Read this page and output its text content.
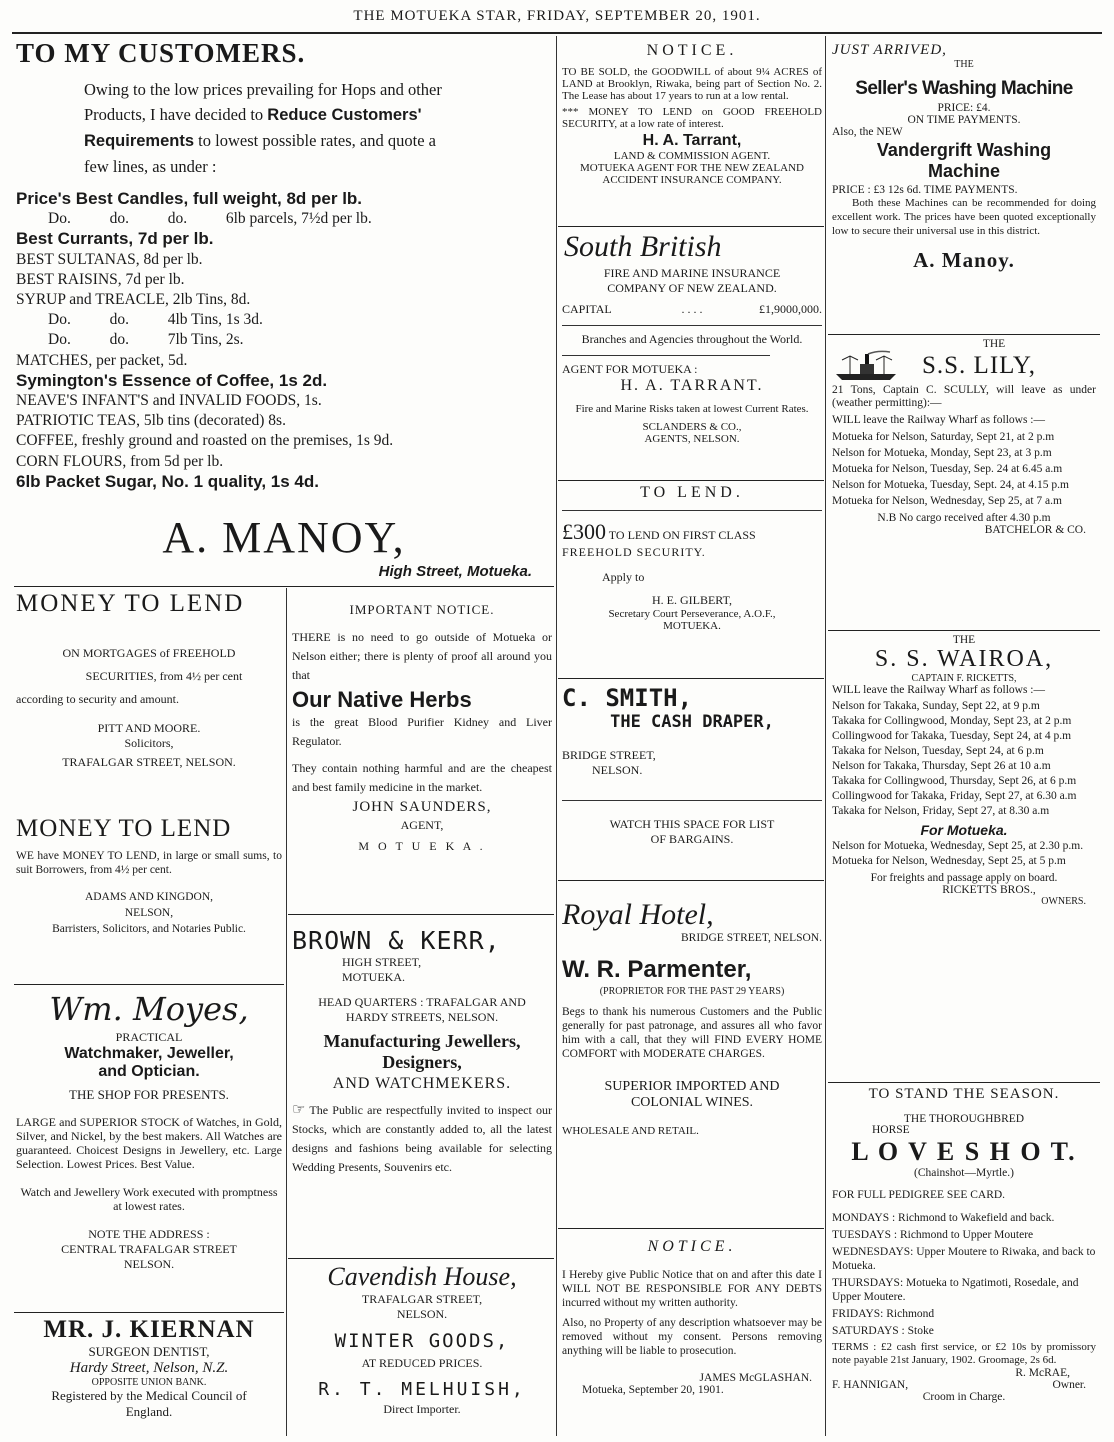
THE MOTUEKA STAR, FRIDAY, SEPTEMBER 20, 1901.
TO MY CUSTOMERS.
Owing to the low prices prevailing for Hops and other
Products, I have decided to Reduce Customers'
Requirements to lowest possible rates, and quote a
few lines, as under :
Price's Best Candles, full weight, 8d per lb.
Do.          do.          do.          6lb parcels, 7½d per lb.
Best Currants, 7d per lb.
BEST SULTANAS, 8d per lb.
BEST RAISINS, 7d per lb.
SYRUP and TREACLE, 2lb Tins, 8d.
Do.          do.          4lb Tins, 1s 3d.
Do.          do.          7lb Tins, 2s.
MATCHES, per packet, 5d.
Symington's Essence of Coffee, 1s 2d.
NEAVE'S INFANT'S and INVALID FOODS, 1s.
PATRIOTIC TEAS, 5lb tins (decorated) 8s.
COFFEE, freshly ground and roasted on the premises, 1s 9d.
CORN FLOURS, from 5d per lb.
6lb Packet Sugar, No. 1 quality, 1s 4d.
A. MANOY,
High Street, Motueka.
MONEY TO LEND
ON MORTGAGES of FREEHOLD
SECURITIES, from 4½ per cent
according to security and amount.
PITT AND MOORE.
Solicitors,
TRAFALGAR STREET, NELSON.
MONEY TO LEND
WE have MONEY TO LEND, in large or small sums, to suit Borrowers, from 4½ per cent.
ADAMS AND KINGDON,
NELSON,
Barristers, Solicitors, and Notaries Public.
Wm. Moyes,
PRACTICAL
Watchmaker, Jeweller,
and Optician.
THE SHOP FOR PRESENTS.
LARGE and SUPERIOR STOCK of Watches, in Gold, Silver, and Nickel, by the best makers. All Watches are guaranteed. Choicest Designs in Jewellery, etc. Large Selection. Lowest Prices. Best Value.
Watch and Jewellery Work executed with promptness at lowest rates.
NOTE THE ADDRESS :
CENTRAL TRAFALGAR STREET
NELSON.
MR. J. KIERNAN
SURGEON DENTIST,
Hardy Street, Nelson, N.Z.
OPPOSITE UNION BANK.
Registered by the Medical Council of
England.
IMPORTANT NOTICE.
THERE is no need to go outside of Motueka or Nelson either; there is plenty of proof all around you that
Our Native Herbs
is the great Blood Purifier Kidney and Liver Regulator.
They contain nothing harmful and are the cheapest and best family medicine in the market.
JOHN SAUNDERS,
AGENT,
M O T U E K A .
BROWN & KERR,
HIGH STREET,
MOTUEKA.
HEAD QUARTERS : TRAFALGAR AND
HARDY STREETS, NELSON.
Manufacturing Jewellers,
Designers,
AND WATCHMEKERS.
☞ The Public are respectfully invited to inspect our Stocks, which are constantly added to, all the latest designs and fashions being available for selecting Wedding Presents, Souvenirs etc.
Cavendish House,
TRAFALGAR STREET,
NELSON.
WINTER GOODS,
AT REDUCED PRICES.
R. T. MELHUISH,
Direct Importer.
NOTICE.
TO BE SOLD, the GOODWILL of about 9¼ ACRES of LAND at Brooklyn, Riwaka, being part of Section No. 2. The Lease has about 17 years to run at a low rental.
*** MONEY TO LEND on GOOD FREEHOLD SECURITY, at a low rate of interest.
H. A. Tarrant,
LAND & COMMISSION AGENT.
MOTUEKA AGENT FOR THE NEW ZEALAND
ACCIDENT INSURANCE COMPANY.
South British
FIRE AND MARINE INSURANCE
COMPANY OF NEW ZEALAND.
CAPITAL	. . . .	£1,9000,000.
Branches and Agencies throughout the World.
AGENT FOR MOTUEKA :
H. A. TARRANT.
Fire and Marine Risks taken at lowest Current Rates.
SCLANDERS & CO.,
AGENTS, NELSON.
TO LEND.
£300 TO LEND ON FIRST CLASS
FREEHOLD SECURITY.
Apply to
H. E. GILBERT,
Secretary Court Perseverance, A.O.F.,
MOTUEKA.
C. SMITH,
THE CASH DRAPER,
BRIDGE STREET,
NELSON.
WATCH THIS SPACE FOR LIST
OF BARGAINS.
Royal Hotel,
BRIDGE STREET, NELSON.
W. R. Parmenter,
(PROPRIETOR FOR THE PAST 29 YEARS)
Begs to thank his numerous Customers and the Public generally for past patronage, and assures all who favor him with a call, that they will FIND EVERY HOME COMFORT with MODERATE CHARGES.
SUPERIOR IMPORTED AND
COLONIAL WINES.
WHOLESALE AND RETAIL.
NOTICE.
I Hereby give Public Notice that on and after this date I WILL NOT BE RESPONSIBLE FOR ANY DEBTS incurred without my written authority.
Also, no Property of any description whatsoever may be removed without my consent. Persons removing anything will be liable to prosecution.
JAMES McGLASHAN.
Motueka, September 20, 1901.
JUST ARRIVED,
THE
Seller's Washing Machine
PRICE: £4.
ON TIME PAYMENTS.
Also, the NEW
Vandergrift Washing
Machine
PRICE : £3 12s 6d. TIME PAYMENTS.
Both these Machines can be recommended for doing excellent work. The prices have been quoted exceptionally low to secure their universal use in this district.
A. Manoy.
THE
S.S. LILY,
21 Tons, Captain C. SCULLY, will leave as under (weather permitting):—
WILL leave the Railway Wharf as follows :—
Motueka for Nelson, Saturday, Sept 21, at 2 p.m
Nelson for Motueka, Monday, Sept 23, at 3 p.m
Motueka for Nelson, Tuesday, Sep. 24 at 6.45 a.m
Nelson for Motueka, Tuesday, Sept. 24, at 4.15 p.m
Motueka for Nelson, Wednesday, Sep 25, at 7 a.m
N.B No cargo received after 4.30 p.m
BATCHELOR & CO.
THE
S. S. WAIROA,
CAPTAIN F. RICKETTS,
WILL leave the Railway Wharf as follows :—
Nelson for Takaka, Sunday, Sept 22, at 9 p.m
Takaka for Collingwood, Monday, Sept 23, at 2 p.m
Collingwood for Takaka, Tuesday, Sept 24, at 4 p.m
Takaka for Nelson, Tuesday, Sept 24, at 6 p.m
Nelson for Takaka, Thursday, Sept 26 at 10 a.m
Takaka for Collingwood, Thursday, Sept 26, at 6 p.m
Collingwood for Takaka, Friday, Sept 27, at 6.30 a.m
Takaka for Nelson, Friday, Sept 27, at 8.30 a.m
For Motueka.
Nelson for Motueka, Wednesday, Sept 25, at 2.30 p.m.
Motueka for Nelson, Wednesday, Sept 25, at 5 p.m
For freights and passage apply on board.
RICKETTS BROS.,
OWNERS.
TO STAND THE SEASON.
THE THOROUGHBRED
HORSE
L O V E S H O T.
(Chainshot—Myrtle.)
FOR FULL PEDIGREE SEE CARD.
MONDAYS : Richmond to Wakefield and back.
TUESDAYS : Richmond to Upper Moutere
WEDNESDAYS: Upper Moutere to Riwaka, and back to Motueka.
THURSDAYS: Motueka to Ngatimoti, Rosedale, and Upper Moutere.
FRIDAYS: Richmond
SATURDAYS : Stoke
TERMS : £2 cash first service, or £2 10s by promissory note payable 21st January, 1902. Groomage, 2s 6d.
R. McRAE,
F. HANNIGAN,	Owner.
Croom in Charge.
